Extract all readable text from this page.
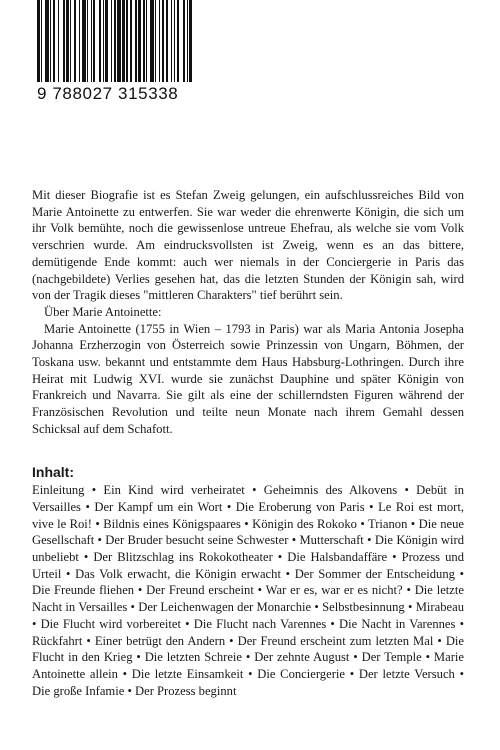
9 788027 315338

Mit dieser Biografie ist es Stefan Zweig gelungen, ein aufschlussreiches Bild von Marie Antoinette zu entwerfen. Sie war weder die ehrenwerte Königin, die sich um ihr Volk bemühte, noch die gewissenlose untreue Ehefrau, als welche sie vom Volk verschrien wurde. Am eindrucksvollsten ist Zweig, wenn es an das bittere, demütigende Ende kommt: auch wer niemals in der Conciergerie in Paris das (nachgebildete) Verlies gesehen hat, das die letzten Stunden der Königin sah, wird von der Tragik dieses "mittleren Charakters" tief berührt sein.

Über Marie Antoinette:

Marie Antoinette (1755 in Wien – 1793 in Paris) war als Maria Antonia Josepha Johanna Erzherzogin von Österreich sowie Prinzessin von Ungarn, Böhmen, der Toskana usw. bekannt und entstammte dem Haus Habsburg-Lothringen. Durch ihre Heirat mit Ludwig XVI. wurde sie zunächst Dauphine und später Königin von Frankreich und Navarra. Sie gilt als eine der schillerndsten Figuren während der Französischen Revolution und teilte neun Monate nach ihrem Gemahl dessen Schicksal auf dem Schafott.

Inhalt:

Einleitung • Ein Kind wird verheiratet • Geheimnis des Alkovens • Debüt in Versailles • Der Kampf um ein Wort • Die Eroberung von Paris • Le Roi est mort, vive le Roi! • Bildnis eines Königspaares • Königin des Rokoko • Trianon • Die neue Gesellschaft • Der Bruder besucht seine Schwester • Mutterschaft • Die Königin wird unbeliebt • Der Blitzschlag ins Rokokotheater • Die Halsbandaffäre • Prozess und Urteil • Das Volk erwacht, die Königin erwacht • Der Sommer der Entscheidung • Die Freunde fliehen • Der Freund erscheint • War er es, war er es nicht? • Die letzte Nacht in Versailles • Der Leichenwagen der Monarchie • Selbstbesinnung • Mirabeau • Die Flucht wird vorbereitet • Die Flucht nach Varennes • Die Nacht in Varennes • Rückfahrt • Einer betrügt den Andern • Der Freund erscheint zum letzten Mal • Die Flucht in den Krieg • Die letzten Schreie • Der zehnte August • Der Temple • Marie Antoinette allein • Die letzte Einsamkeit • Die Conciergerie • Der letzte Versuch • Die große Infamie • Der Prozess beginnt
